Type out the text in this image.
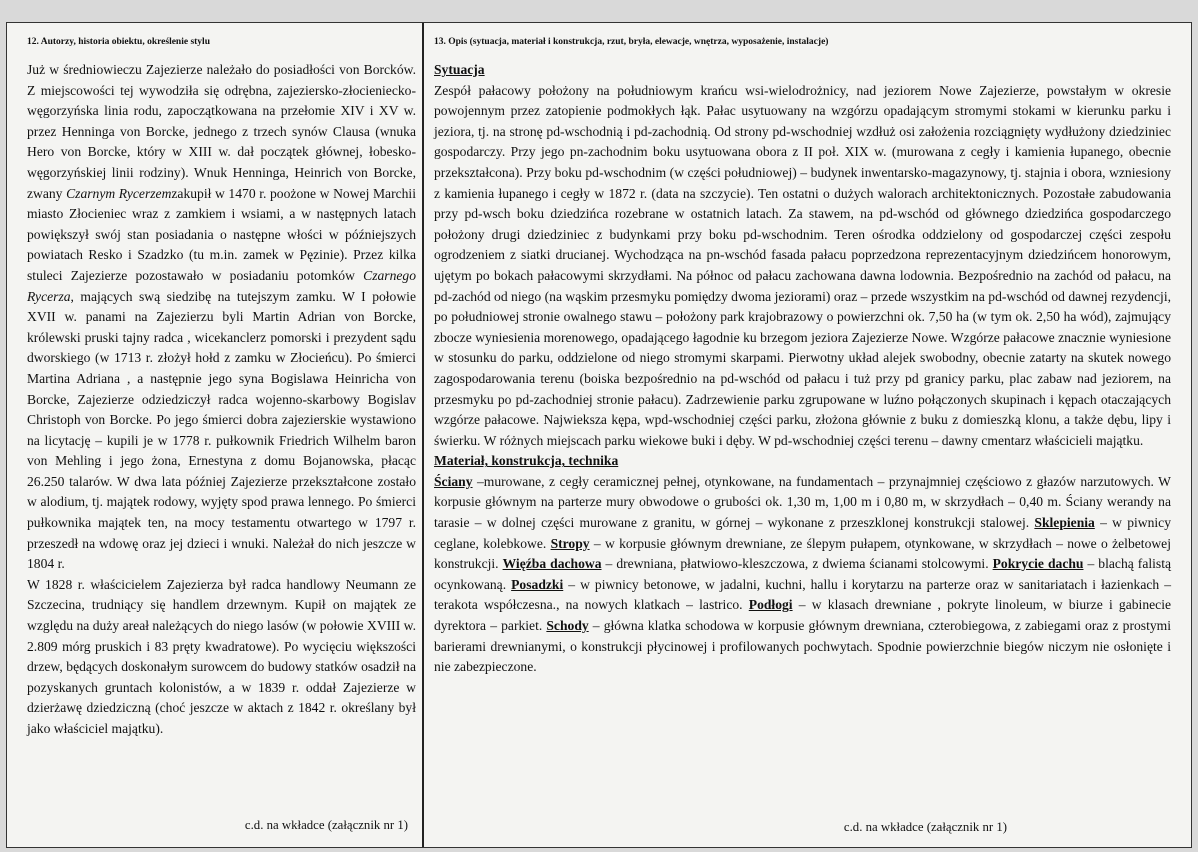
12. Autorzy, historia obiektu, określenie stylu

Już w średniowieczu Zajezierze należało do posiadłości von Borcków. Z miejscowości tej wywodziła się odrębna, zajeziersko-złocieniecko-węgorzyńska linia rodu, zapoczątkowana na przełomie XIV i XV w. przez Henninga von Borcke, jednego z trzech synów Clausa (wnuka Hero von Borcke, który w XIII w. dał początek głównej, łobesko-węgorzyńskiej linii rodziny). Wnuk Henninga, Heinrich von Borcke, zwany Czarnym Rycerzemzakupił w 1470 r. poożone w Nowej Marchii miasto Złocieniec wraz z zamkiem i wsiami, a w następnych latach powiększył swój stan posiadania o następne włości w późniejszych powiatach Resko i Szadzko (tu m.in. zamek w Pęzinie). Przez kilka stuleci Zajezierze pozostawało w posiadaniu potomków Czarnego Rycerza, mających swą siedzibę na tutejszym zamku. W I połowie XVII w. panami na Zajezierzu byli Martin Adrian von Borcke, królewski pruski tajny radca , wicekanclerz pomorski i prezydent sądu dworskiego (w 1713 r. złożył hołd z zamku w Złocieńcu). Po śmierci Martina Adriana , a następnie jego syna Bogislawa Heinricha von Borcke, Zajezierze odziedziczył radca wojenno-skarbowy Bogislav Christoph von Borcke. Po jego śmierci dobra zajezierskie wystawiono na licytację – kupili je w 1778 r. pułkownik Friedrich Wilhelm baron von Mehling i jego żona, Ernestyna z domu Bojanowska, płacąc 26.250 talarów. W dwa lata później Zajezierze przekształcone zostało w alodium, tj. majątek rodowy, wyjęty spod prawa lennego. Po śmierci pułkownika majątek ten, na mocy testamentu otwartego w 1797 r. przeszedł na wdowę oraz jej dzieci i wnuki. Należał do nich jeszcze w 1804 r.

W 1828 r. właścicielem Zajezierza był radca handlowy Neumann ze Szczecina, trudniący się handlem drzewnym. Kupił on majątek ze względu na duży areał należących do niego lasów (w połowie XVIII w. 2.809 mórg pruskich i 83 pręty kwadratowe). Po wycięciu większości drzew, będących doskonałym surowcem do budowy statków osadził na pozyskanych gruntach kolonistów, a w 1839 r. oddał Zajezierze w dzierżawę dziedziczną (choć jeszcze w aktach z 1842 r. określany był jako właściciel majątku).

c.d. na wkładce (załącznik nr 1)
13. Opis (sytuacja, materiał i konstrukcja, rzut, bryła, elewacje, wnętrza, wyposażenie, instalacje)

Sytuacja

Zespół pałacowy położony na południowym krańcu wsi-wielodrożnicy, nad jeziorem Nowe Zajezierze, powstałym w okresie powojennym przez zatopienie podmokłych łąk. Pałac usytuowany na wzgórzu opadającym stromymi stokami w kierunku parku i jeziora, tj. na stronę pd-wschodnią i pd-zachodnią. Od strony pd-wschodniej wzdłuż osi założenia rozciągnięty wydłużony dziedziniec gospodarczy. Przy jego pn-zachodnim boku usytuowana obora z II poł. XIX w. (murowana z cegły i kamienia łupanego, obecnie przekształcona). Przy boku pd-wschodnim (w części południowej) – budynek inwentarsko-magazynowy, tj. stajnia i obora, wzniesiony z kamienia łupanego i cegły w 1872 r. (data na szczycie). Ten ostatni o dużych walorach architektonicznych. Pozostałe zabudowania przy pd-wsch boku dziedzińca rozebrane w ostatnich latach. Za stawem, na pd-wschód od głównego dziedzińca gospodarczego położony drugi dziedziniec z budynkami przy boku pd-wschodnim. Teren ośrodka oddzielony od gospodarczej części zespołu ogrodzeniem z siatki drucianej. Wychodząca na pn-wschód fasada pałacu poprzedzona reprezentacyjnym dziedzińcem honorowym, ujętym po bokach pałacowymi skrzydłami. Na północ od pałacu zachowana dawna lodownia. Bezpośrednio na zachód od pałacu, na pd-zachód od niego (na wąskim przesmyku pomiędzy dwoma jeziorami) oraz – przede wszystkim na pd-wschód od dawnej rezydencji, po południowej stronie owalnego stawu – położony park krajobrazowy o powierzchni ok. 7,50 ha (w tym ok. 2,50 ha wód), zajmujący zbocze wyniesienia morenowego, opadającego łagodnie ku brzegom jeziora Zajezierze Nowe. Wzgórze pałacowe znacznie wyniesione w stosunku do parku, oddzielone od niego stromymi skarpami. Pierwotny układ alejek swobodny, obecnie zatarty na skutek nowego zagospodarowania terenu (boiska bezpośrednio na pd-wschód od pałacu i tuż przy pd granicy parku, plac zabaw nad jeziorem, na przesmyku po pd-zachodniej stronie pałacu). Zadrzewienie parku zgrupowane w luźno połączonych skupinach i kępach otaczających wzgórze pałacowe. Najwieksza kępa, wpd-wschodniej części parku, złożona głównie z buku z domieszką klonu, a także dębu, lipy i świerku. W różnych miejscach parku wiekowe buki i dęby. W pd-wschodniej części terenu – dawny cmentarz właścicieli majątku.

Materiał, konstrukcja, technika

Ściany –murowane, z cegły ceramicznej pełnej, otynkowane, na fundamentach – przynajmniej częściowo z głazów narzutowych. W korpusie głównym na parterze mury obwodowe o grubości ok. 1,30 m, 1,00 m i 0,80 m, w skrzydłach – 0,40 m. Ściany werandy na tarasie – w dolnej części murowane z granitu, w górnej – wykonane z przeszklonej konstrukcji stalowej. Sklepienia – w piwnicy ceglane, kolebkowe. Stropy – w korpusie głównym drewniane, ze ślepym pułapem, otynkowane, w skrzydłach – nowe o żelbetowej konstrukcji. Więźba dachowa – drewniana, płatwiowo-kleszczowa, z dwiema ścianami stolcowymi. Pokrycie dachu – blachą falistą ocynkowaną. Posadzki – w piwnicy betonowe, w jadalni, kuchni, hallu i korytarzu na parterze oraz w sanitariatach i łazienkach – terakota współczesna., na nowych klatkach – lastrico. Podłogi – w klasach drewniane , pokryte linoleum, w biurze i gabinecie dyrektora – parkiet. Schody – główna klatka schodowa w korpusie głównym drewniana, czterobiegowa, z zabiegami oraz z prostymi barierami drewnianymi, o konstrukcji płycinowej i profilowanych pochwytach. Spodnie powierzchnie biegów niczym nie osłonięte i nie zabezpieczone.

c.d. na wkładce (załącznik nr 1)
